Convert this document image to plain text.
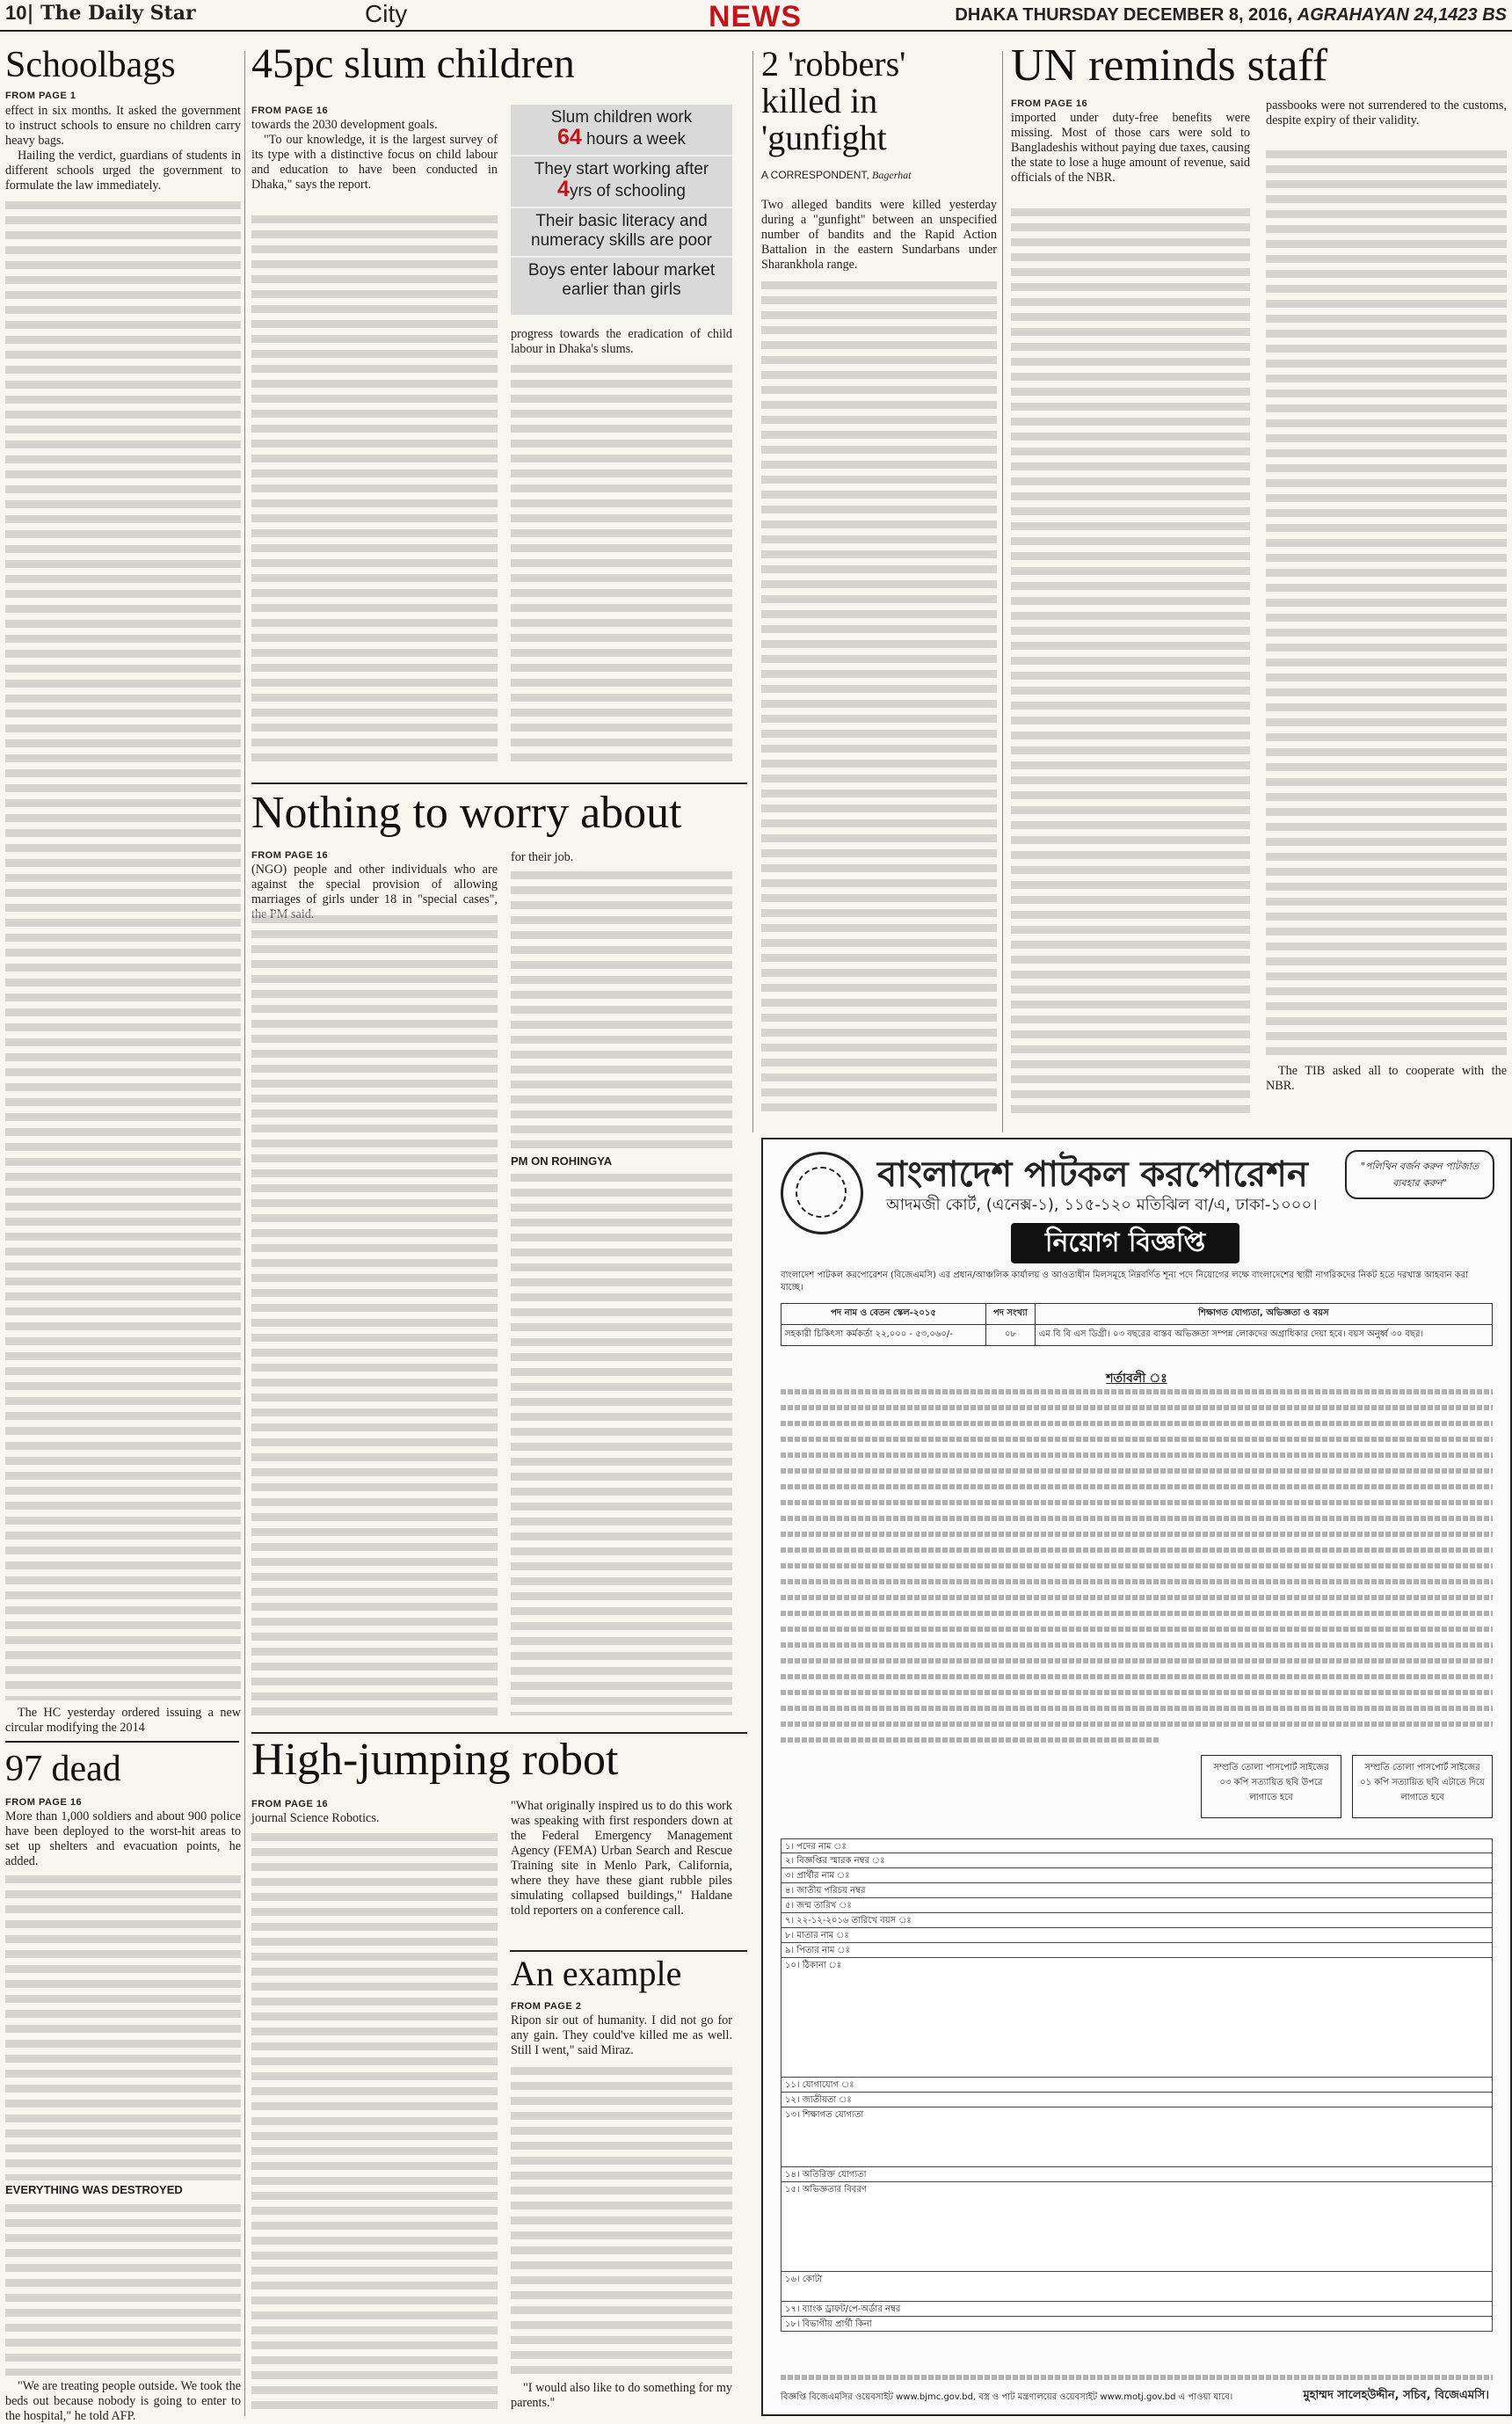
10| The Daily Star	City	NEWS	DHAKA THURSDAY DECEMBER 8, 2016, AGRAHAYAN 24,1423 BS
Schoolbags
FROM PAGE 1

effect in six months. It asked the government to instruct schools to ensure no children carry heavy bags.

Hailing the verdict, guardians of students in different schools urged the government to formulate the law immediately.

The HC yesterday ordered issuing a new circular modifying the 2014

97 dead
FROM PAGE 16

More than 1,000 soldiers and about 900 police have been deployed to the worst-hit areas to set up shelters and evacuation points, he added.

EVERYTHING WAS DESTROYED

"We are treating people outside. We took the beds out because nobody is going to enter to the hospital," he told AFP.

45pc slum children
FROM PAGE 16

towards the 2030 development goals.

"To our knowledge, it is the largest survey of its type with a distinctive focus on child labour and education to have been conducted in Dhaka," says the report.

Slum children work
64 hours a week
They start working after
4yrs of schooling
Their basic literacy and numeracy skills are poor
Boys enter labour market earlier than girls

progress towards the eradication of child labour in Dhaka's slums.

Nothing to worry about
FROM PAGE 16

(NGO) people and other individuals who are against the special provision of allowing marriages of girls under 18 in "special cases", the PM said.

for their job.

PM ON ROHINGYA

High-jumping robot
FROM PAGE 16

journal Science Robotics.

"What originally inspired us to do this work was speaking with first responders down at the Federal Emergency Management Agency (FEMA) Urban Search and Rescue Training site in Menlo Park, California, where they have these giant rubble piles simulating collapsed buildings," Haldane told reporters on a conference call.

An example
FROM PAGE 2

Ripon sir out of humanity. I did not go for any gain. They could've killed me as well. Still I went," said Miraz.

"I would also like to do something for my parents."

2 'robbers' killed in 'gunfight
A CORRESPONDENT, Bagerhat

Two alleged bandits were killed yesterday during a "gunfight" between an unspecified number of bandits and the Rapid Action Battalion in the eastern Sundarbans under Sharankhola range.

UN reminds staff
FROM PAGE 16

imported under duty-free benefits were missing. Most of those cars were sold to Bangladeshis without paying due taxes, causing the state to lose a huge amount of revenue, said officials of the NBR.

passbooks were not surrendered to the customs, despite expiry of their validity.

The TIB asked all to cooperate with the NBR.

বাংলাদেশ পাটকল করপোরেশন
আদমজী কোর্ট, (এনেক্স-১), ১১৫-১২০ মতিঝিল বা/এ, ঢাকা-১০০০।
"পলিথিন বর্জন করুন পাটজাত ব্যবহার করুন"
নিয়োগ বিজ্ঞপ্তি
বাংলাদেশ পাটকল করপোরেশন (বিজেএমসি) এর প্রধান/আঞ্চলিক কার্যালয় ও আওতাধীন মিলসমূহে নিম্নবর্ণিত শূন্য পদে নিয়োগের লক্ষে বাংলাদেশের স্থায়ী নাগরিকদের নিকট হতে দরখাস্ত আহবান করা যাচ্ছে।
পদ নাম ও বেতন স্কেল-২০১৫	পদ সংখ্যা	শিক্ষাগত যোগ্যতা, অভিজ্ঞতা ও বয়স
সহকারী চিকিৎসা কর্মকর্তা ২২,০০০ - ৫৩,০৬০/-	০৮	এম বি বি এস ডিগ্রী। ০৩ বছরের বাস্তব অভিজ্ঞতা সম্পন্ন লোকদের অগ্রাধিকার দেয়া হবে। বয়স অনুর্ধ্ব ৩০ বছর।
শর্তাবলী ঃ
সম্প্রতি তোলা পাসপোর্ট সাইজের ০৩ কপি সত্যায়িত ছবি উপরে লাগাতে হবে
সম্প্রতি তোলা পাসপোর্ট সাইজের ০১ কপি সত্যায়িত ছবি এটাতে দিয়ে লাগাতে হবে
১। পদের নাম ঃ
২। বিজ্ঞপ্তির স্মারক নম্বর ঃ
৩। প্রার্থীর নাম ঃ
৪। জাতীয় পরিচয় নম্বর
৫। জন্ম তারিখ ঃ
৭। ২২-১২-২০১৬ তারিখে বয়স ঃ
৮। মাতার নাম ঃ
৯। পিতার নাম ঃ
১০। ঠিকানা ঃ
১১। যোগাযোগ ঃ
১২। জাতীয়তা ঃ
১৩। শিক্ষাগত যোগ্যতা
১৪। অতিরিক্ত যোগ্যতা
১৫। অভিজ্ঞতার বিবরণ
১৬। কোটা
১৭। ব্যাংক ড্রাফট/পে-অর্ডার নম্বর
১৮। বিভাগীয় প্রার্থী কিনা
মুহাম্মদ সালেহউদ্দীন, সচিব, বিজেএমসি।
বিজ্ঞপ্তি বিজেএমসির ওয়েবসাইট www.bjmc.gov.bd, বস্ত্র ও পাট মন্ত্রণালয়ের ওয়েবসাইট www.motj.gov.bd এ পাওয়া যাবে।
